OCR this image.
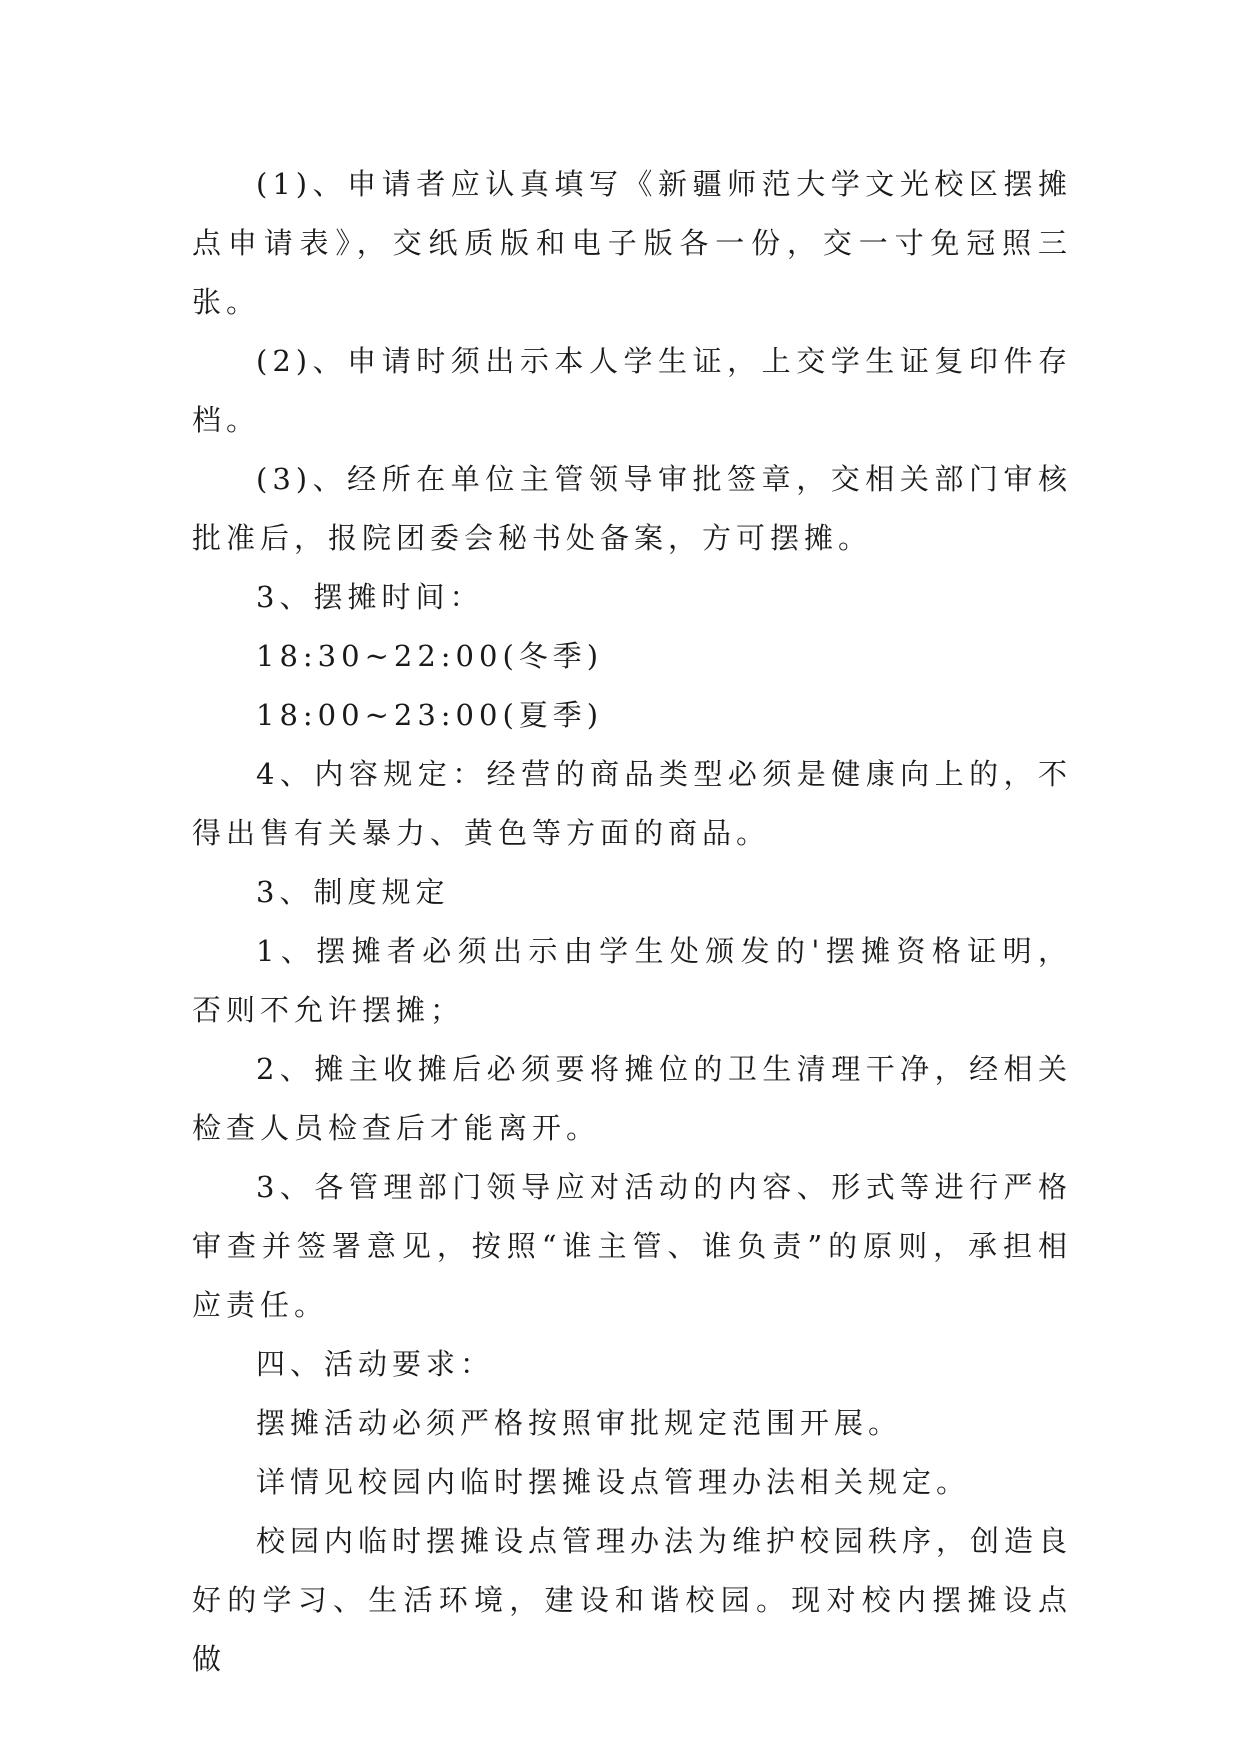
(1)、申请者应认真填写《新疆师范大学文光校区摆摊点申请表》，交纸质版和电子版各一份，交一寸免冠照三张。

(2)、申请时须出示本人学生证，上交学生证复印件存档。

(3)、经所在单位主管领导审批签章，交相关部门审核批准后，报院团委会秘书处备案，方可摆摊。

3、摆摊时间：

18:30~22:00(冬季)

18:00~23:00(夏季)

4、内容规定：经营的商品类型必须是健康向上的，不得出售有关暴力、黄色等方面的商品。

3、制度规定

1、摆摊者必须出示由学生处颁发的'摆摊资格证明，否则不允许摆摊；

2、摊主收摊后必须要将摊位的卫生清理干净，经相关检查人员检查后才能离开。

3、各管理部门领导应对活动的内容、形式等进行严格审查并签署意见，按照“谁主管、谁负责”的原则，承担相应责任。

四、活动要求：

摆摊活动必须严格按照审批规定范围开展。

详情见校园内临时摆摊设点管理办法相关规定。

校园内临时摆摊设点管理办法为维护校园秩序，创造良好的学习、生活环境，建设和谐校园。现对校内摆摊设点做
